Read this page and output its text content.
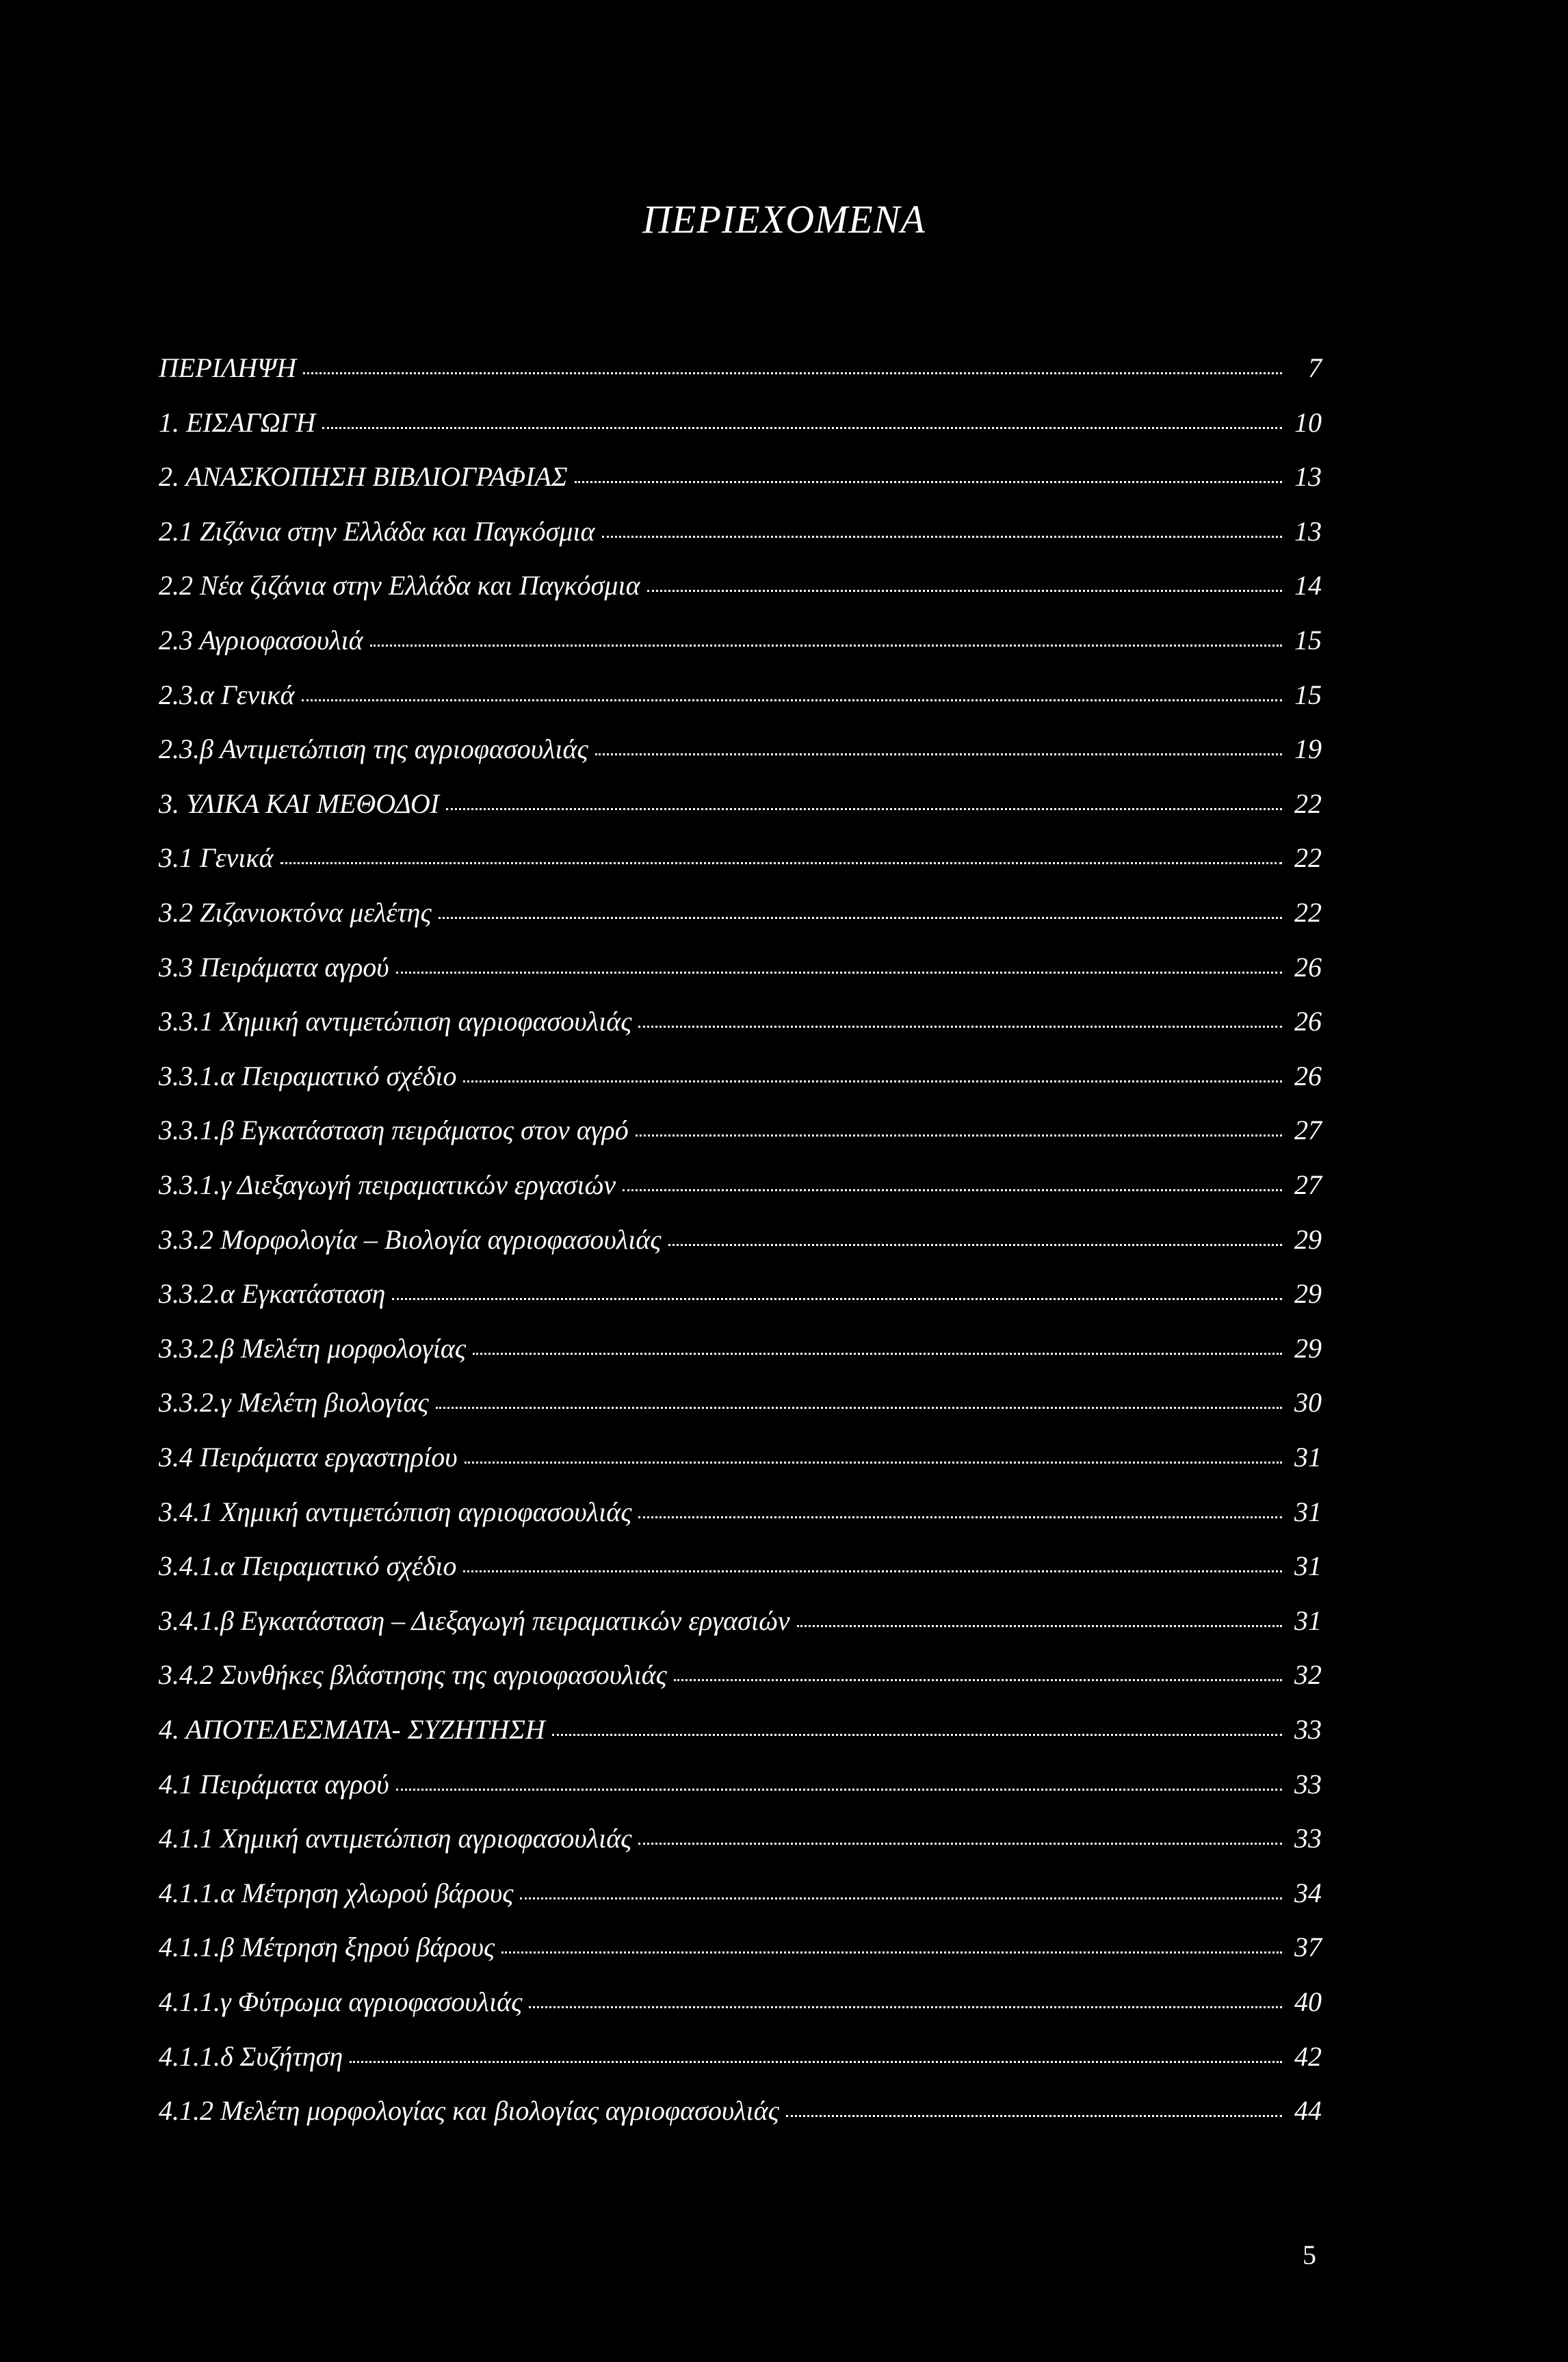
ΠΕΡΙΕΧΟΜΕΝΑ
ΠΕΡΙΛΗΨΗ	7
1. ΕΙΣΑΓΩΓΗ	10
2. ΑΝΑΣΚΟΠΗΣΗ ΒΙΒΛΙΟΓΡΑΦΙΑΣ	13
2.1 Ζιζάνια στην Ελλάδα και Παγκόσμια	13
2.2 Νέα ζιζάνια στην Ελλάδα και Παγκόσμια	14
2.3 Αγριοφασουλιά	15
2.3.α Γενικά	15
2.3.β Αντιμετώπιση της αγριοφασουλιάς	19
3. ΥΛΙΚΑ ΚΑΙ ΜΕΘΟΔΟΙ	22
3.1 Γενικά	22
3.2 Ζιζανιοκτόνα μελέτης	22
3.3 Πειράματα αγρού	26
3.3.1 Χημική αντιμετώπιση αγριοφασουλιάς	26
3.3.1.α Πειραματικό σχέδιο	26
3.3.1.β Εγκατάσταση πειράματος στον αγρό	27
3.3.1.γ Διεξαγωγή πειραματικών εργασιών	27
3.3.2 Μορφολογία – Βιολογία αγριοφασουλιάς	29
3.3.2.α Εγκατάσταση	29
3.3.2.β Μελέτη μορφολογίας	29
3.3.2.γ Μελέτη βιολογίας	30
3.4 Πειράματα εργαστηρίου	31
3.4.1 Χημική αντιμετώπιση αγριοφασουλιάς	31
3.4.1.α Πειραματικό σχέδιο	31
3.4.1.β Εγκατάσταση – Διεξαγωγή πειραματικών εργασιών	31
3.4.2 Συνθήκες βλάστησης της αγριοφασουλιάς	32
4. ΑΠΟΤΕΛΕΣΜΑΤΑ- ΣΥΖΗΤΗΣΗ	33
4.1 Πειράματα αγρού	33
4.1.1 Χημική αντιμετώπιση αγριοφασουλιάς	33
4.1.1.α Μέτρηση χλωρού βάρους	34
4.1.1.β Μέτρηση ξηρού βάρους	37
4.1.1.γ Φύτρωμα αγριοφασουλιάς	40
4.1.1.δ Συζήτηση	42
4.1.2 Μελέτη μορφολογίας και βιολογίας αγριοφασουλιάς	44
5
